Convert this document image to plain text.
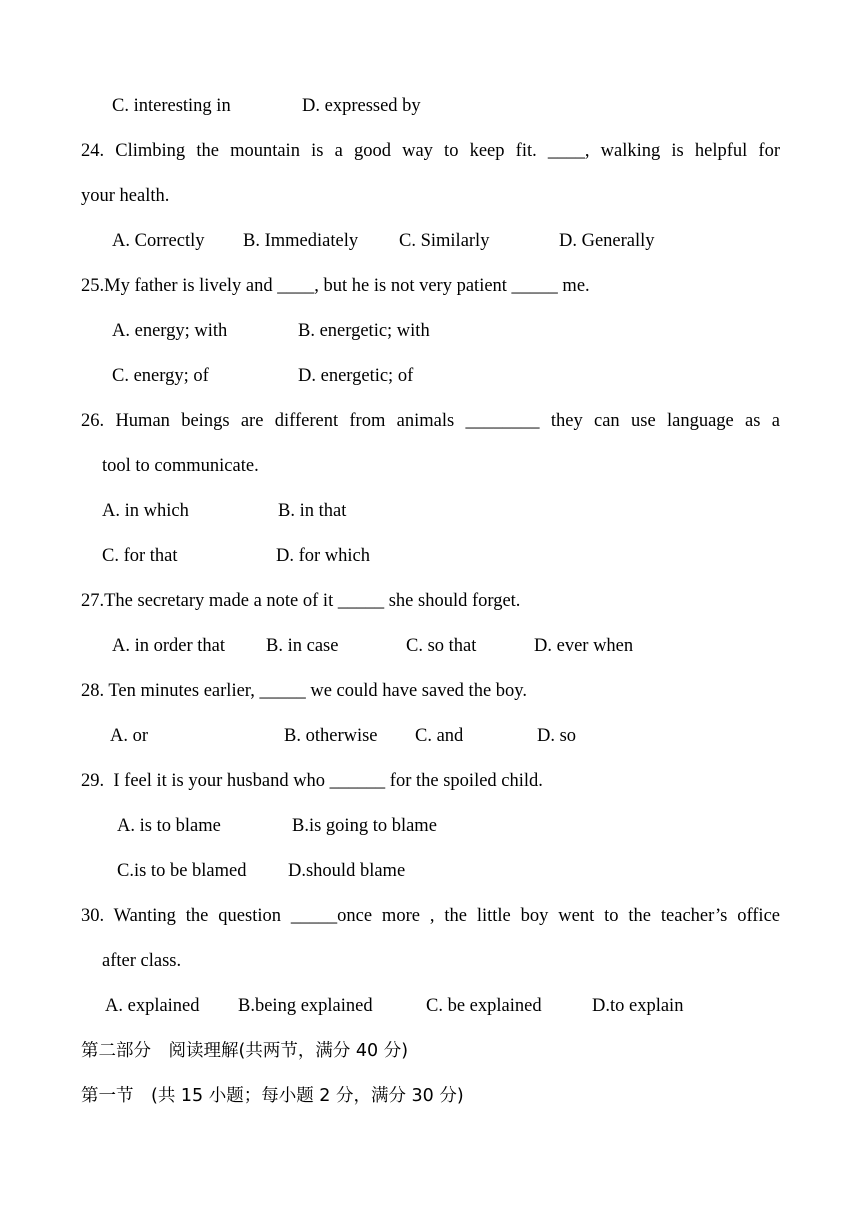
C. interesting in	D. expressed by
24. Climbing the mountain is a good way to keep fit. ____, walking is helpful for
your health.
A. Correctly B. Immediately C. Similarly	D. Generally
25.My father is lively and ____, but he is not very patient _____ me.
A. energy; with	B. energetic; with
C. energy; of	D. energetic; of
26. Human beings are different from animals ________ they can use language as a
tool to communicate.
A. in which	B. in that
C. for that	D. for which
27.The secretary made a note of it _____ she should forget.
A. in order that B. in case	C. so that	D. ever when
28. Ten minutes earlier, _____ we could have saved the boy.
A. or	B. otherwise C. and	D. so
29.  I feel it is your husband who ______ for the spoiled child.
A. is to blame	B.is going to blame
C.is to be blamed D.should blame
30. Wanting the question _____once more , the little boy went to the teacher’s office
after class.
A. explained B.being explained	C. be explained	D.to explain
第二部分　阅读理解(共两节，满分 40 分)
第一节　(共 15 小题；每小题 2 分，满分 30 分)
